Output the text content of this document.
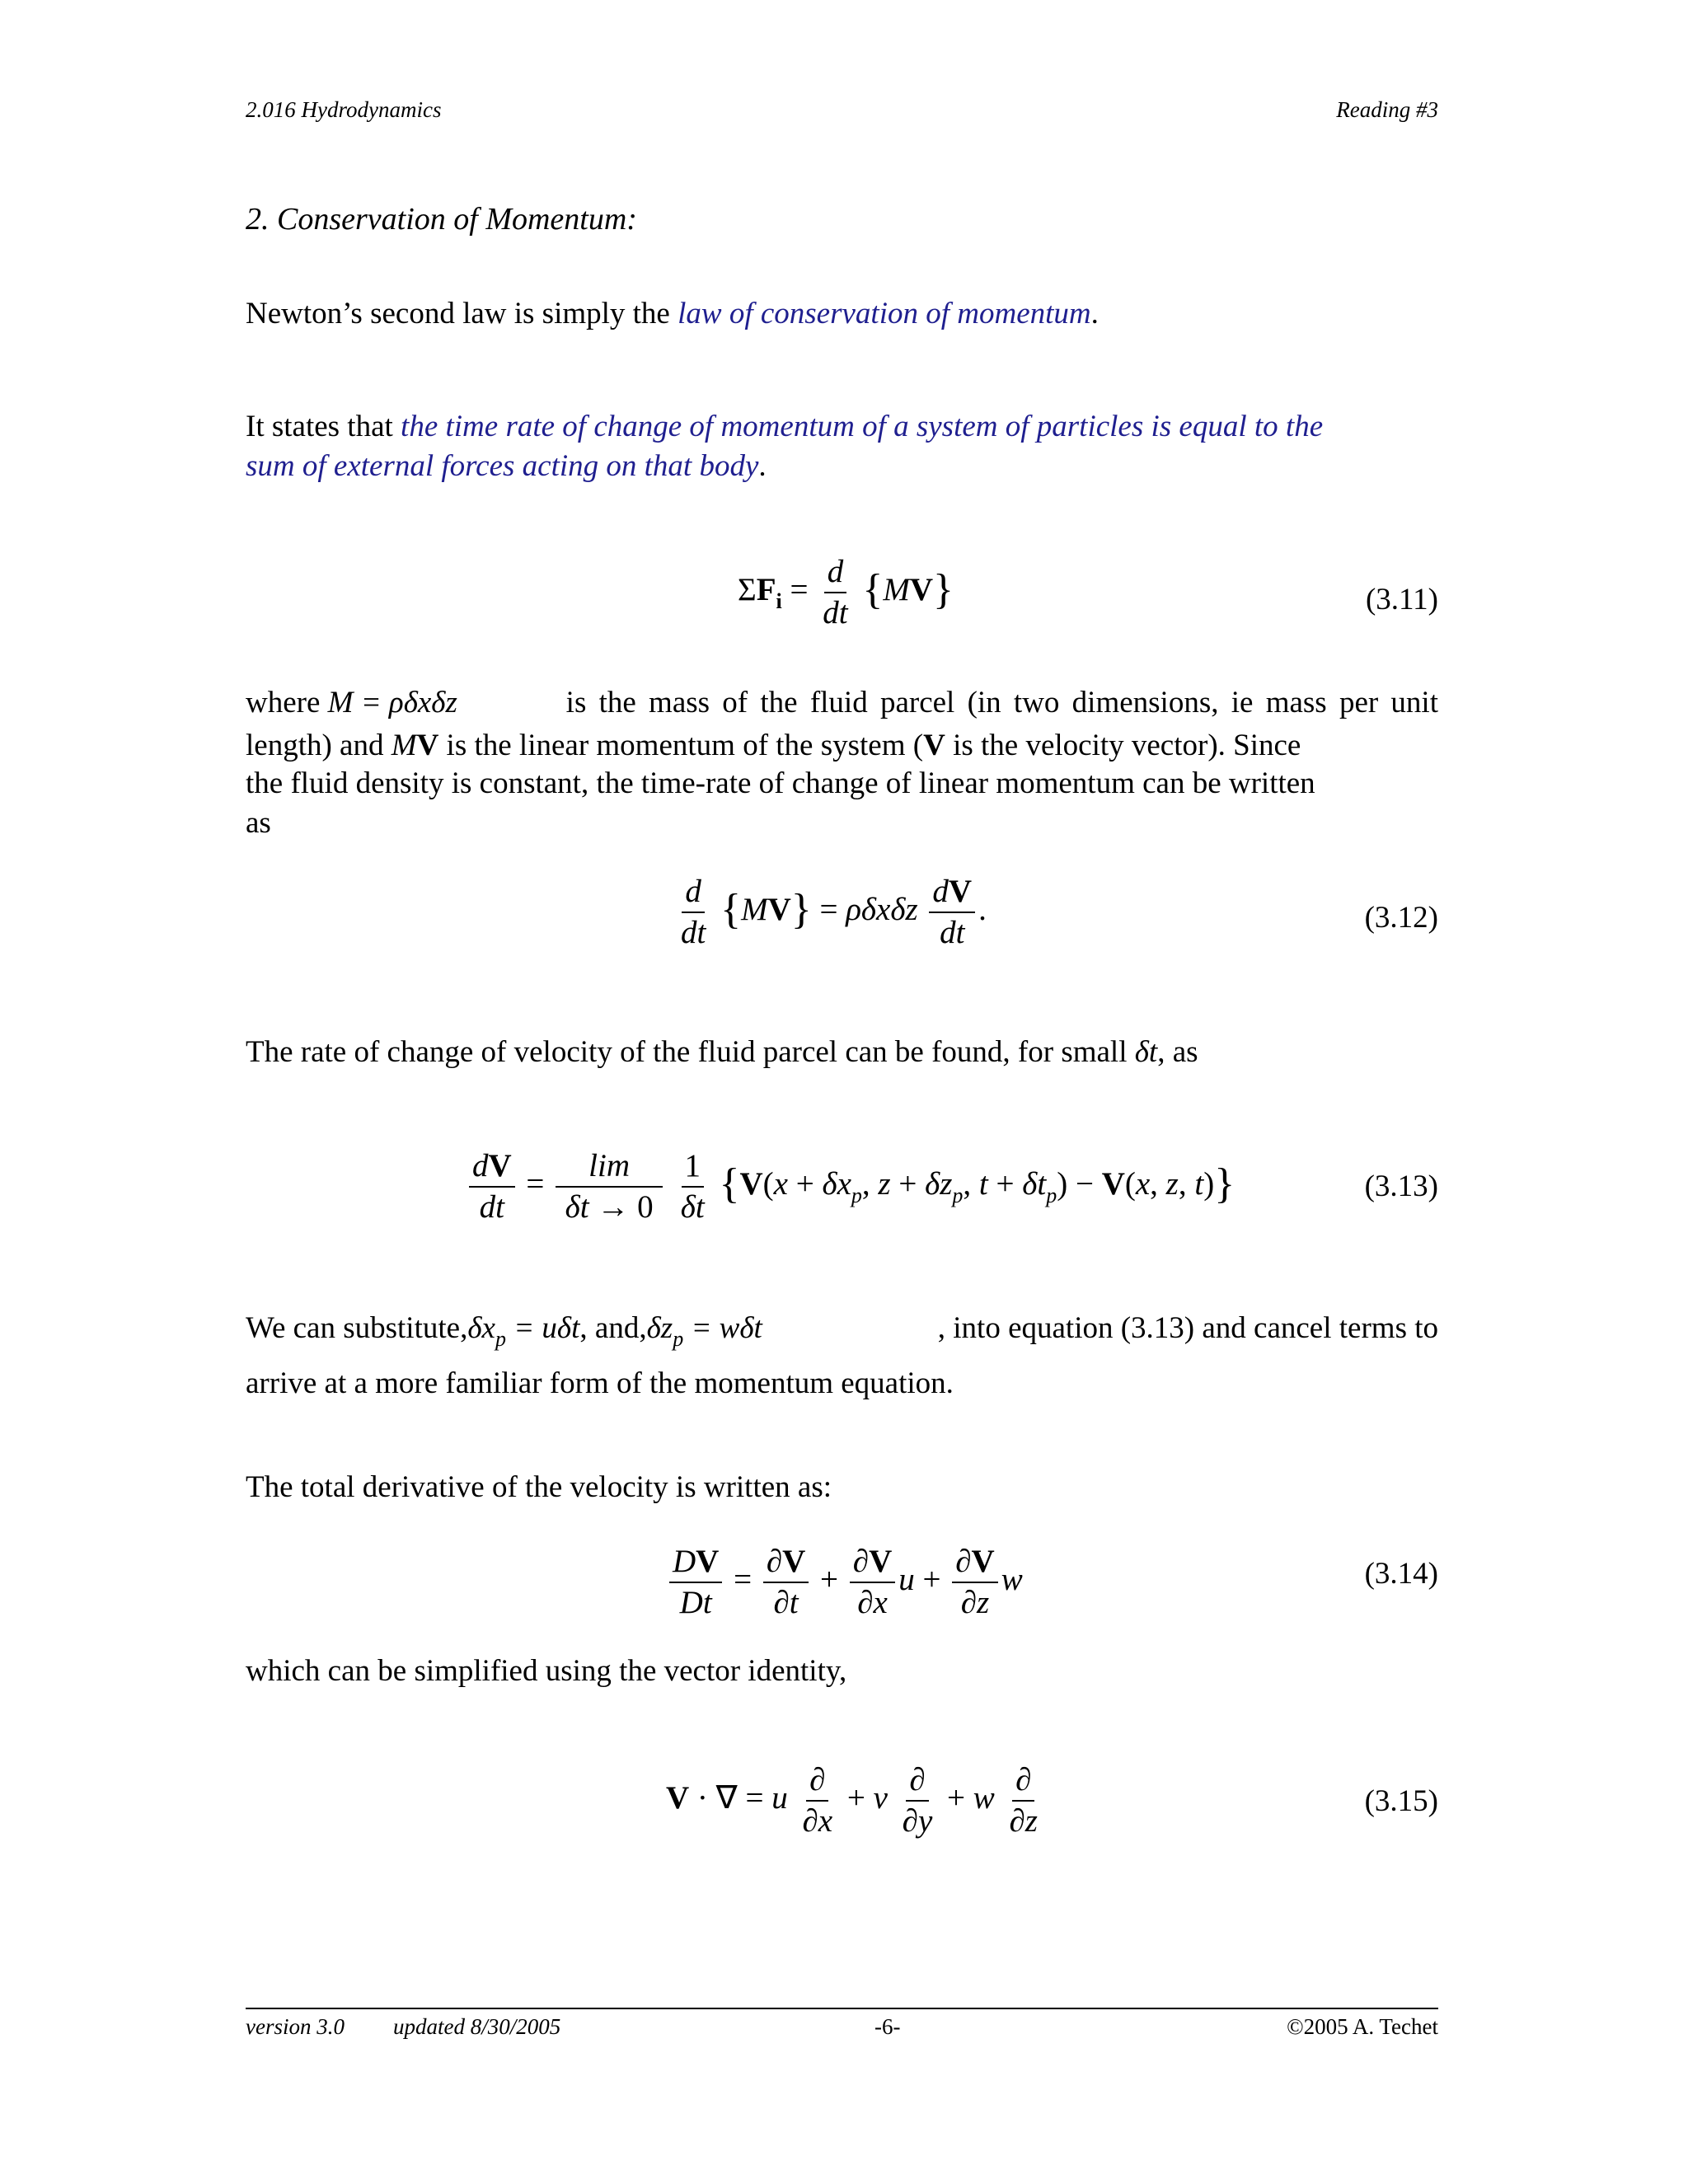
2.016 Hydrodynamics	Reading #3
2. Conservation of Momentum:
Newton’s second law is simply the law of conservation of momentum.
It states that the time rate of change of momentum of a system of particles is equal to the
sum of external forces acting on that body.
$\Sigma F_i = \frac{d}{dt} \{MV\}$	(3.11)
where M = ρδxδz	is the mass of the fluid parcel (in two dimensions, ie mass per unit
length) and MV is the linear momentum of the system (V is the velocity vector). Since
the fluid density is constant, the time-rate of change of linear momentum can be written
as
$\frac{d}{dt} \{MV\} = \rho\delta x\delta z \frac{dV}{dt}$ .	(3.12)
The rate of change of velocity of the fluid parcel can be found, for small δt, as
$\frac{dV}{dt} = \frac{\lim}{\delta t \to 0}$
$\frac{1}{\delta t} \{V(x + \delta x_p$, $z + \delta z_p$, $t + \delta t_p) - V(x$, z, t)}	(3.13)
We can $substitute,\delta x_p = u\delta t$, $and,\delta z_p = w\delta t$	, into equation (3.13) and cancel terms to
arrive at a more familiar form of the momentum equation.
The total derivative of the velocity is written as:
$\frac{DV}{Dt} = \frac{\partial V}{\partial t} + \frac{\partial V}{\partial x}$ $u + \frac{\partial V}{\partial z}$ w	(3.14)
which can be simplified using the vector identity,
V · ∇ = u $\frac{\partial}{\partial x} + v \frac{\partial}{\partial y} + w \frac{\partial}{\partial z}$	(3.15)
version 3.0 updated 8/30/2005	-6-	©2005 A. Techet
